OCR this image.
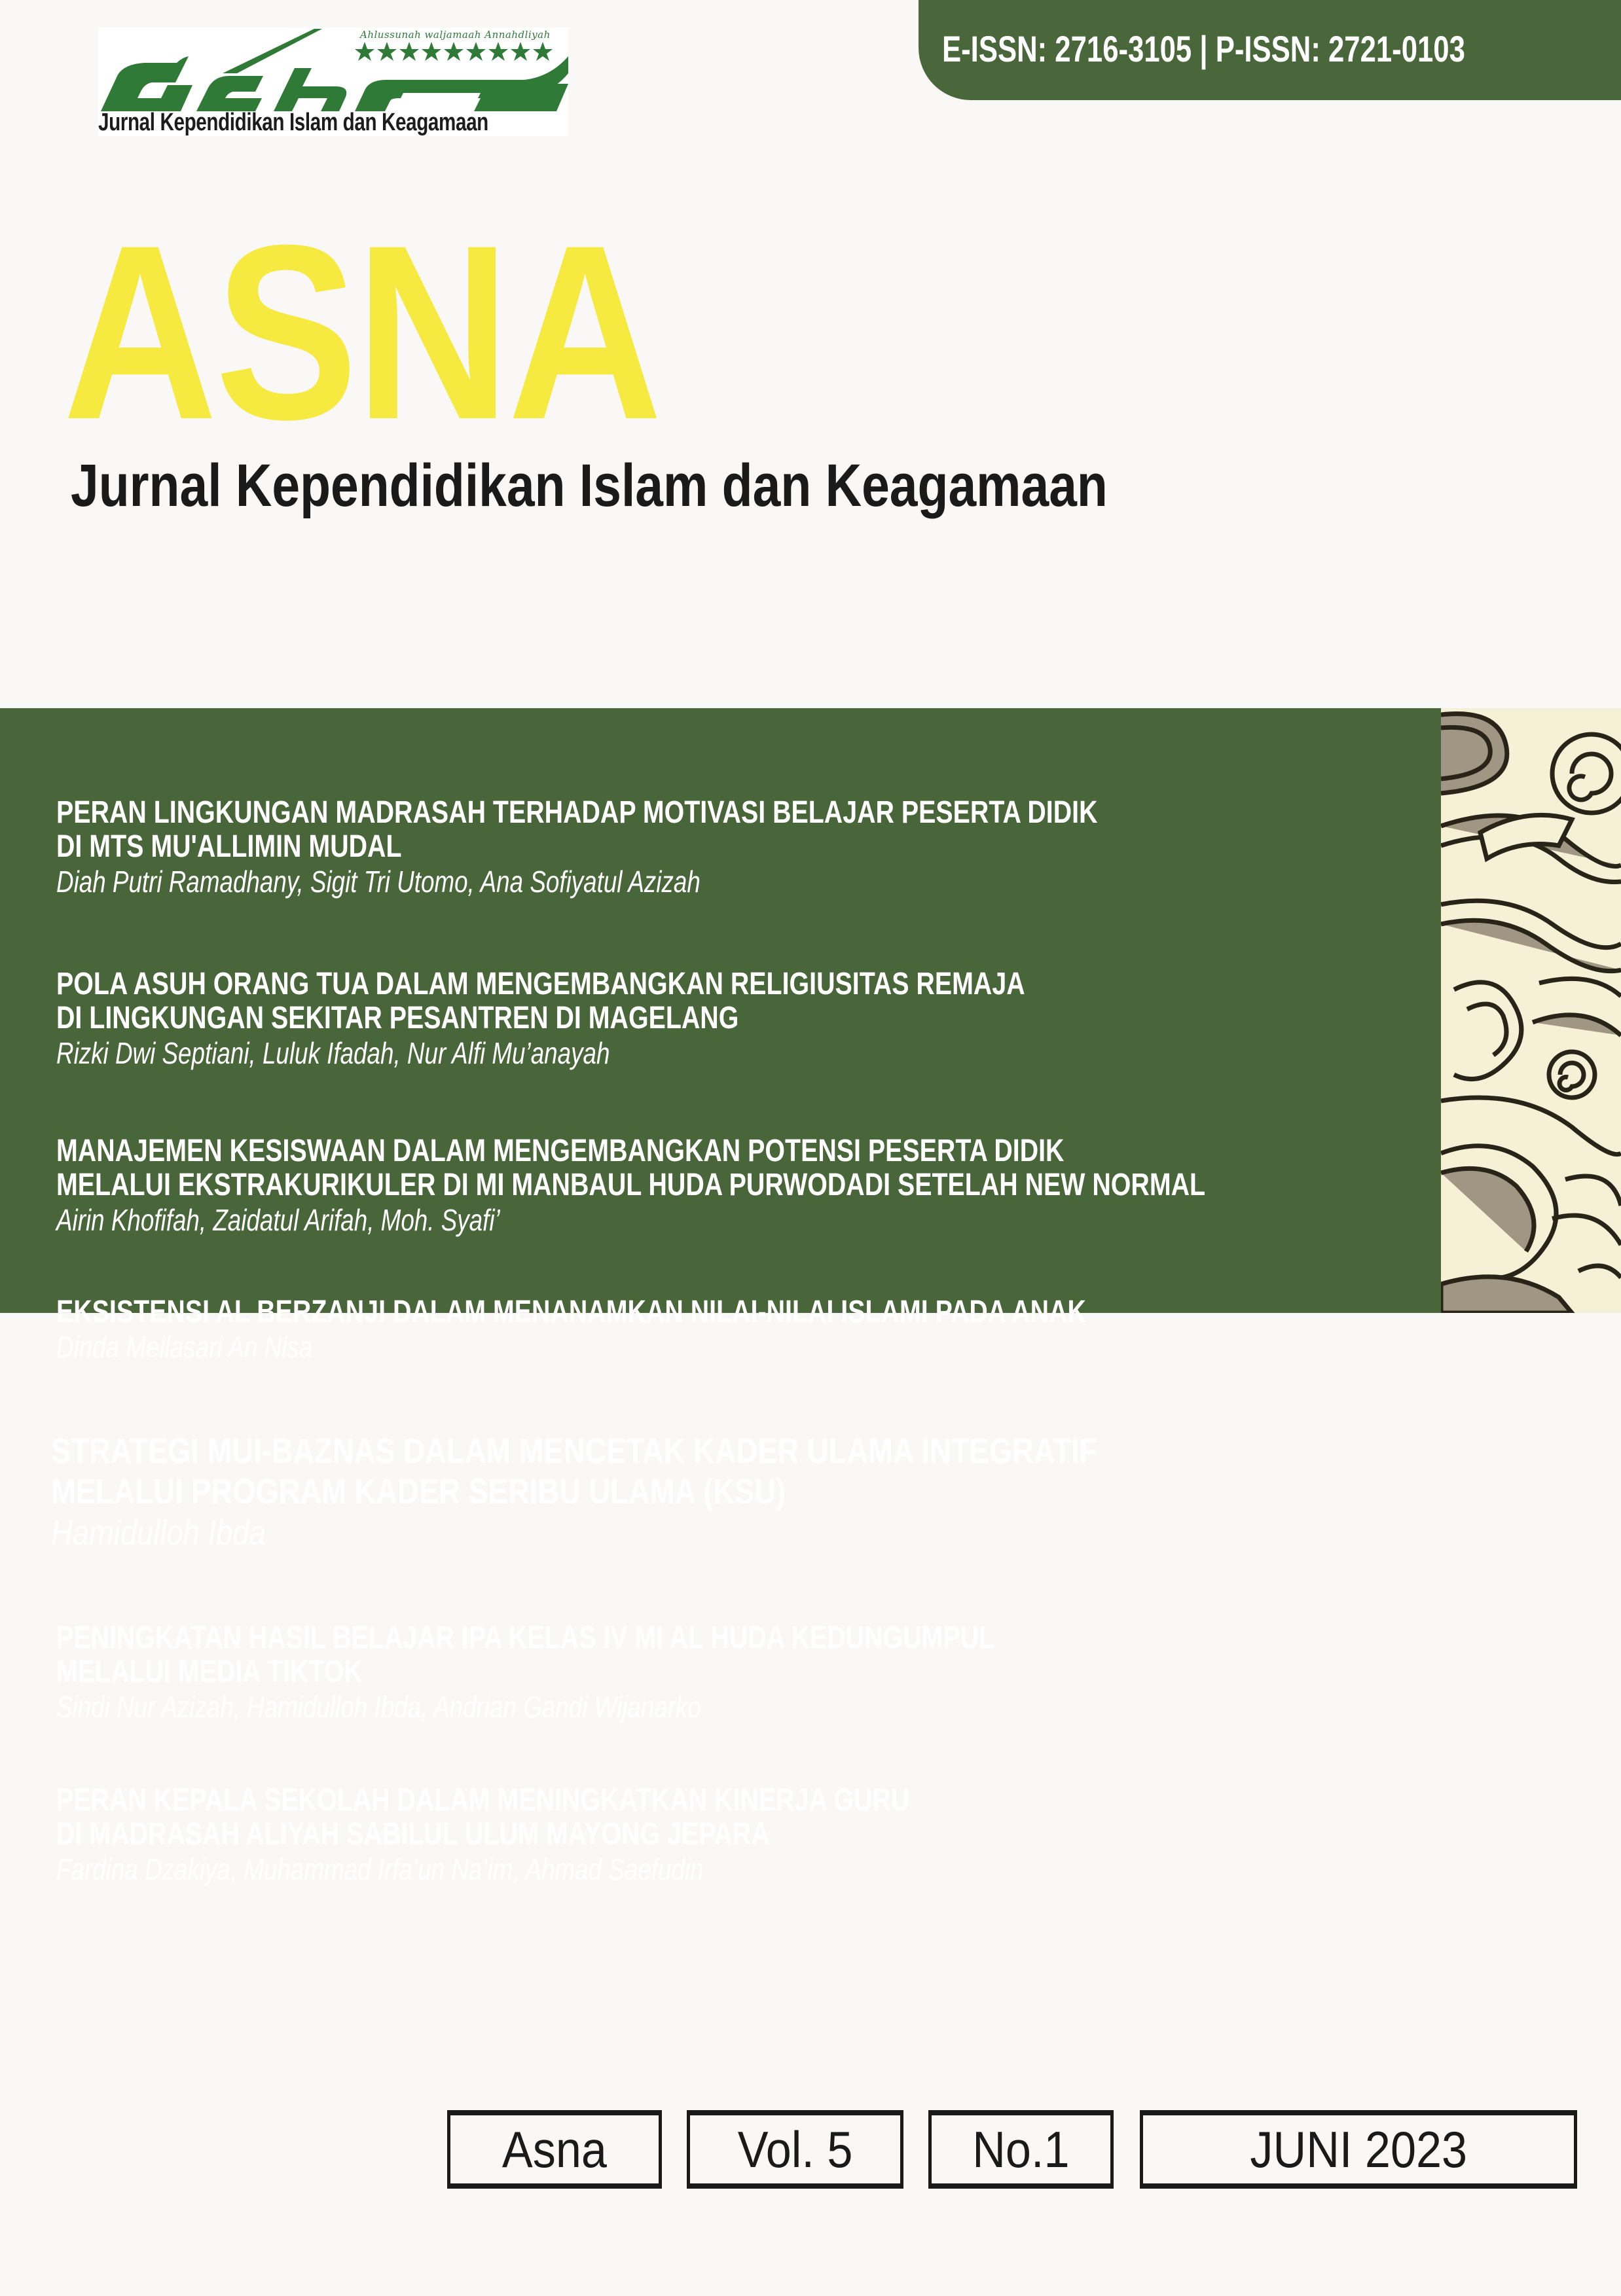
Ahlussunah waljamaah Annahdliyah
Jurnal Kependidikan Islam dan Keagamaan
E-ISSN: 2716-3105 | P-ISSN: 2721-0103
ASNA
Jurnal Kependidikan Islam dan Keagamaan
PERAN LINGKUNGAN MADRASAH TERHADAP MOTIVASI BELAJAR PESERTA DIDIK
DI MTS MU'ALLIMIN MUDAL
Diah Putri Ramadhany, Sigit Tri Utomo, Ana Sofiyatul Azizah
POLA ASUH ORANG TUA DALAM MENGEMBANGKAN RELIGIUSITAS REMAJA
DI LINGKUNGAN SEKITAR PESANTREN DI MAGELANG
Rizki Dwi Septiani, Luluk Ifadah, Nur Alfi Mu’anayah
MANAJEMEN KESISWAAN DALAM MENGEMBANGKAN POTENSI PESERTA DIDIK
MELALUI EKSTRAKURIKULER DI MI MANBAUL HUDA PURWODADI SETELAH NEW NORMAL
Airin Khofifah, Zaidatul Arifah, Moh. Syafi’
EKSISTENSI AL BERZANJI DALAM MENANAMKAN NILAI-NILAI ISLAMI PADA ANAK
Dinda Meilasari An Nisa
STRATEGI MUI-BAZNAS DALAM MENCETAK KADER ULAMA INTEGRATIF
MELALUI PROGRAM KADER SERIBU ULAMA (KSU)
Hamidulloh Ibda
PENINGKATAN HASIL BELAJAR IPA KELAS IV MI AL HUDA KEDUNGUMPUL
MELALUI MEDIA TIKTOK
Sindi Nur Azizah, Hamidulloh Ibda, Andrian Gandi Wijanarko
PERAN KEPALA SEKOLAH DALAM MENINGKATKAN KINERJA GURU
DI MADRASAH ALIYAH SABILUL ULUM MAYONG JEPARA
Fardina Dzakiya, Muhammad Irfa’un Na’im, Ahmad Saefudin
Asna	Vol. 5 No.1	JUNI 2023
